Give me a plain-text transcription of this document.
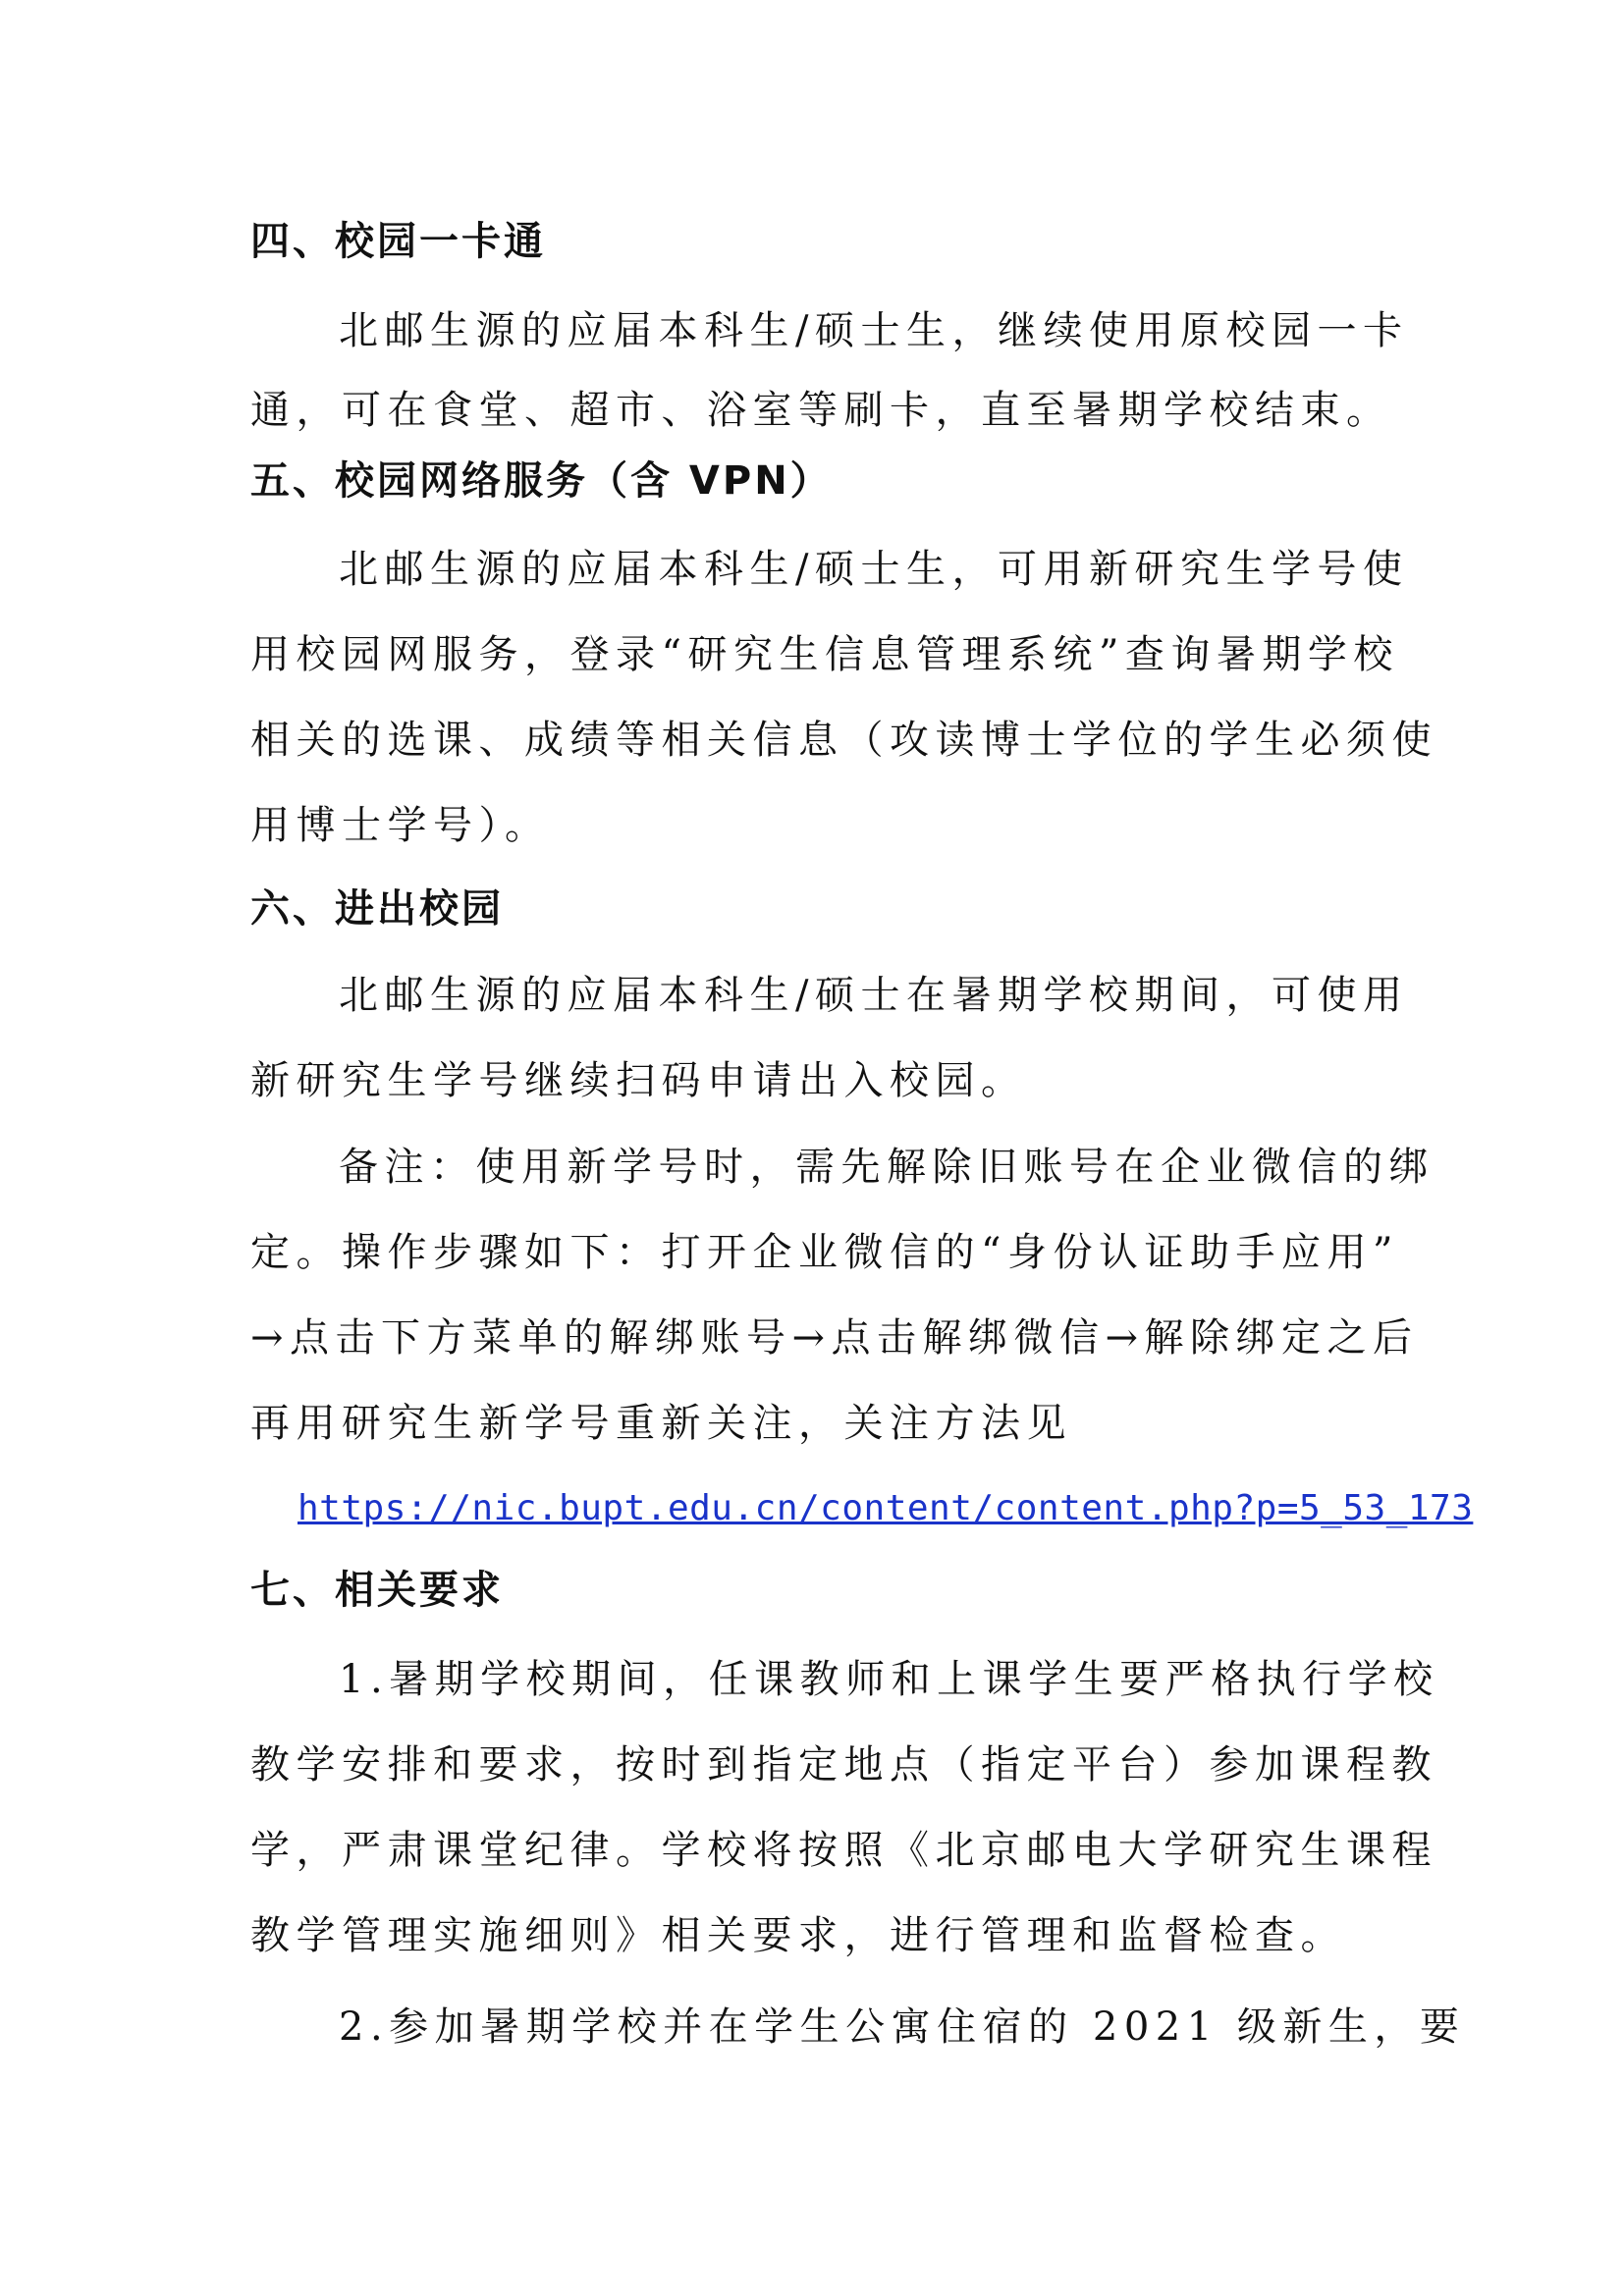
四、校园一卡通
北邮生源的应届本科生/硕士生，继续使用原校园一卡
通，可在食堂、超市、浴室等刷卡，直至暑期学校结束。
五、校园网络服务（含 VPN）
北邮生源的应届本科生/硕士生，可用新研究生学号使
用校园网服务，登录“研究生信息管理系统”查询暑期学校
相关的选课、成绩等相关信息（攻读博士学位的学生必须使
用博士学号）。
六、进出校园
北邮生源的应届本科生/硕士在暑期学校期间，可使用
新研究生学号继续扫码申请出入校园。
备注：使用新学号时，需先解除旧账号在企业微信的绑
定。操作步骤如下：打开企业微信的“身份认证助手应用”
→点击下方菜单的解绑账号→点击解绑微信→解除绑定之后
再用研究生新学号重新关注，关注方法见
https://nic.bupt.edu.cn/content/content.php?p=5_53_173
七、相关要求
1.暑期学校期间，任课教师和上课学生要严格执行学校
教学安排和要求，按时到指定地点（指定平台）参加课程教
学，严肃课堂纪律。学校将按照《北京邮电大学研究生课程
教学管理实施细则》相关要求，进行管理和监督检查。
2.参加暑期学校并在学生公寓住宿的 2021 级新生，要
